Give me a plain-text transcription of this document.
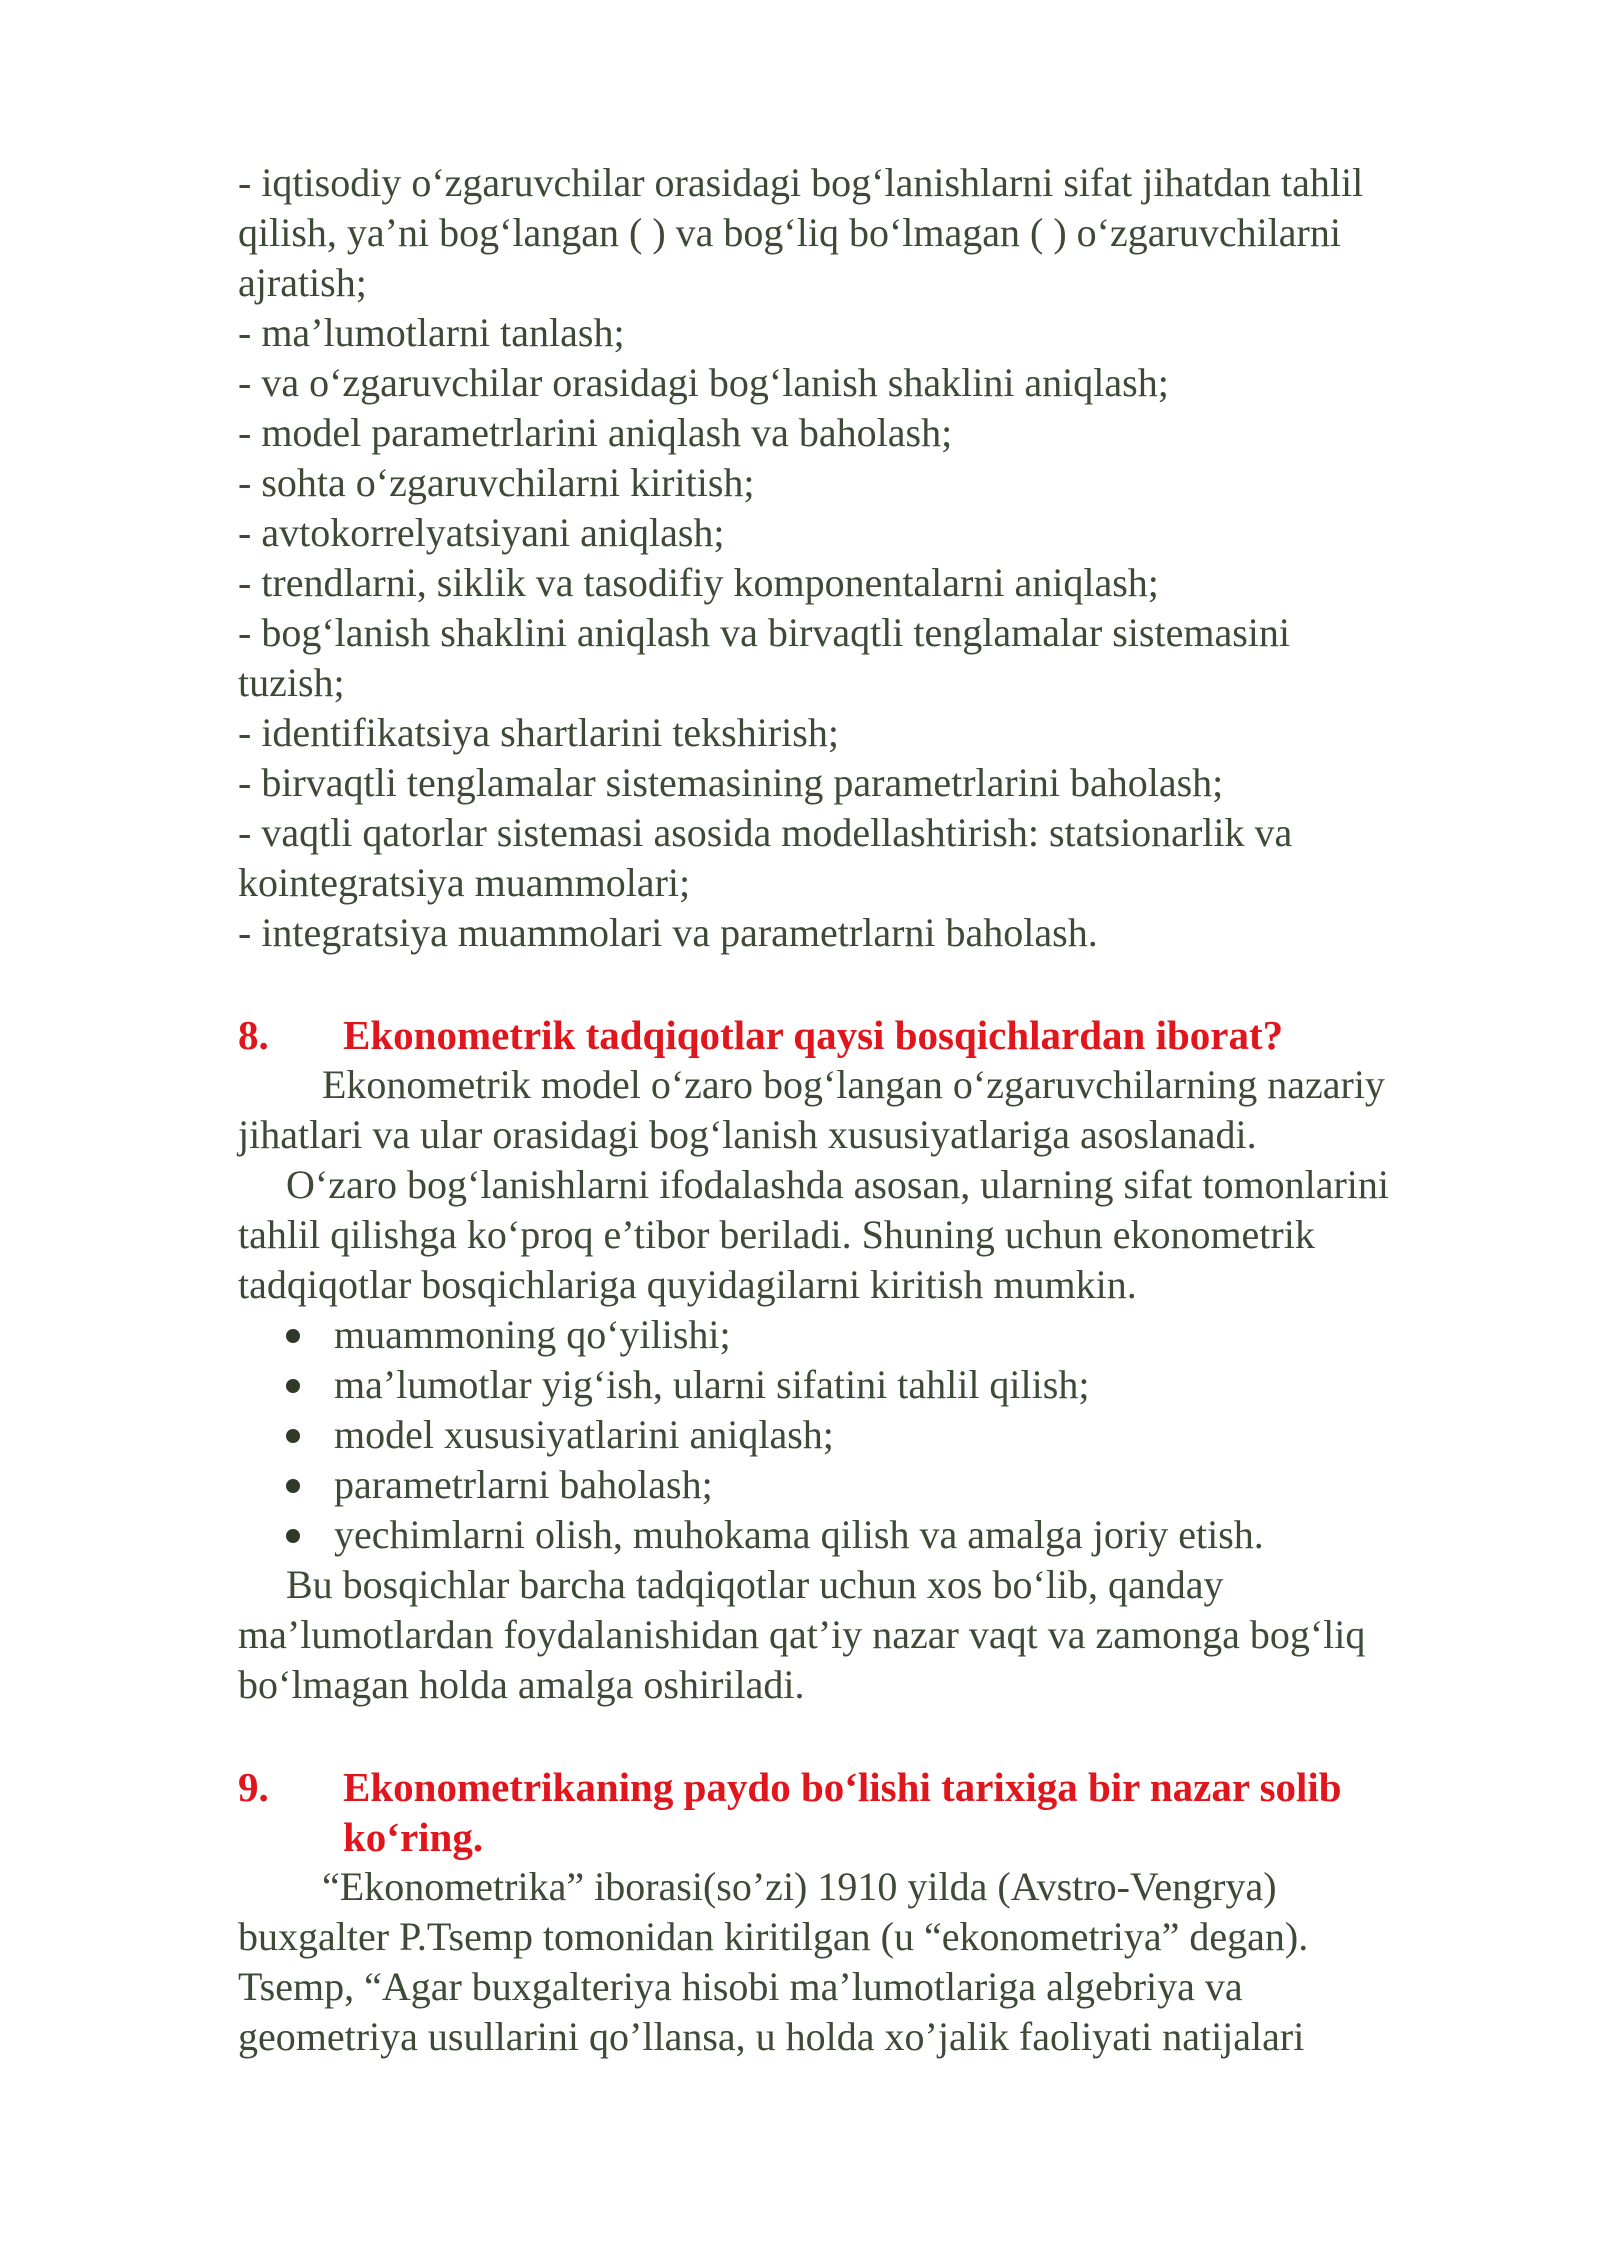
- iqtisodiy o‘zgaruvchilar orasidagi bog‘lanishlarni sifat jihatdan tahlil
qilish, ya’ni bog‘langan ( ) va bog‘liq bo‘lmagan ( ) o‘zgaruvchilarni
ajratish;
- ma’lumotlarni tanlash;
- va o‘zgaruvchilar orasidagi bog‘lanish shaklini aniqlash;
- model parametrlarini aniqlash va baholash;
- sohta o‘zgaruvchilarni kiritish;
- avtokorrelyatsiyani aniqlash;
- trendlarni, siklik va tasodifiy komponentalarni aniqlash;
- bog‘lanish shaklini aniqlash va birvaqtli tenglamalar sistemasini
tuzish;
- identifikatsiya shartlarini tekshirish;
- birvaqtli tenglamalar sistemasining parametrlarini baholash;
- vaqtli qatorlar sistemasi asosida modellashtirish: statsionarlik va
kointegratsiya muammolari;
- integratsiya muammolari va parametrlarni baholash.
8. Ekonometrik tadqiqotlar qaysi bosqichlardan iborat?
Ekonometrik model o‘zaro bog‘langan o‘zgaruvchilarning nazariy
jihatlari va ular orasidagi bog‘lanish xususiyatlariga asoslanadi.
O‘zaro bog‘lanishlarni ifodalashda asosan, ularning sifat tomonlarini
tahlil qilishga ko‘proq e’tibor beriladi. Shuning uchun ekonometrik
tadqiqotlar bosqichlariga quyidagilarni kiritish mumkin.
muammoning qo‘yilishi;
ma’lumotlar yig‘ish, ularni sifatini tahlil qilish;
model xususiyatlarini aniqlash;
parametrlarni baholash;
yechimlarni olish, muhokama qilish va amalga joriy etish.
Bu bosqichlar barcha tadqiqotlar uchun xos bo‘lib, qanday
ma’lumotlardan foydalanishidan qat’iy nazar vaqt va zamonga bog‘liq
bo‘lmagan holda amalga oshiriladi.
9. Ekonometrikaning paydo bo‘lishi tarixiga bir nazar solib
ko‘ring.
“Ekonometrika” iborasi(so’zi) 1910 yilda (Avstro-Vengrya)
buxgalter P.Tsemp tomonidan kiritilgan (u “ekonometriya” degan).
Tsemp, “Agar buxgalteriya hisobi ma’lumotlariga algebriya va
geometriya usullarini qo’llansa, u holda xo’jalik faoliyati natijalari
